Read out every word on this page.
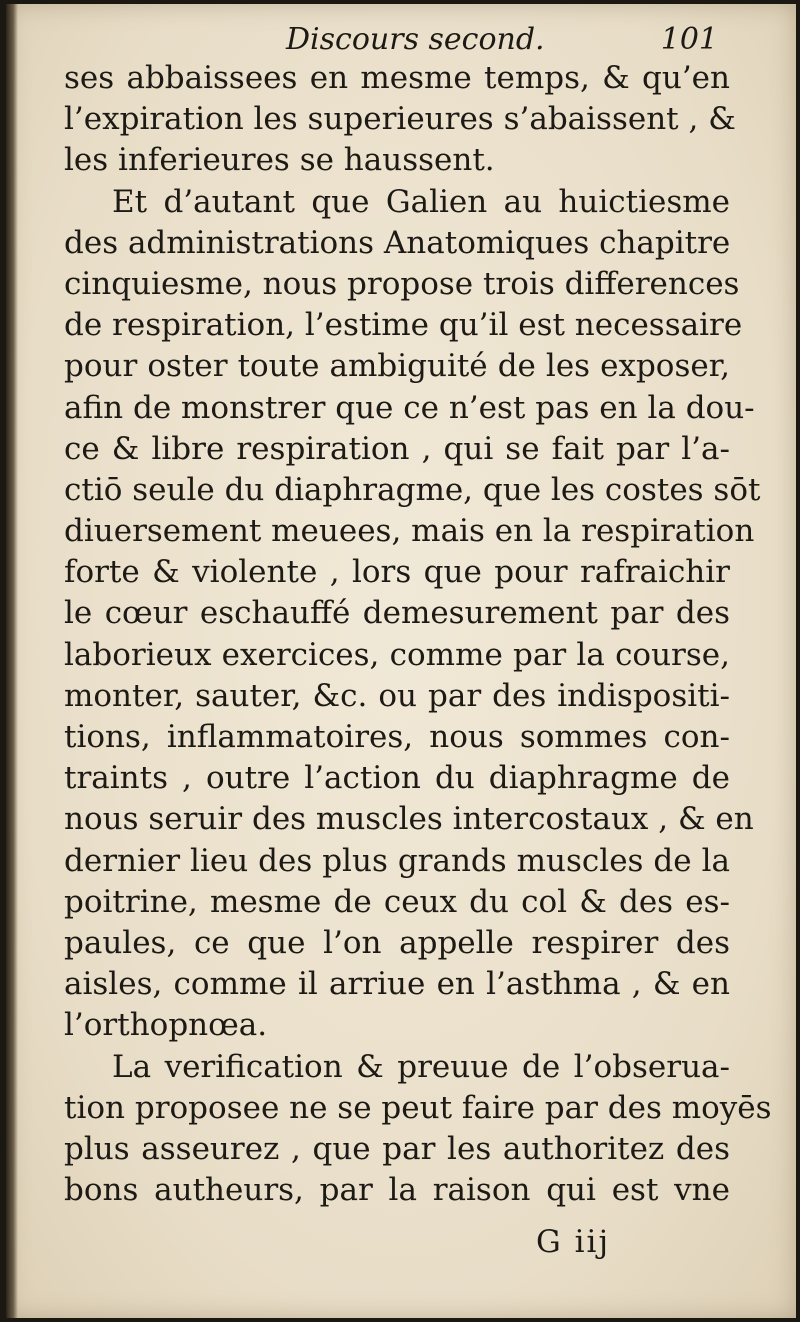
Discours second.	101
ses abbaissees en mesme temps, & qu’en
l’expiration les superieures s’abaissent , &
les inferieures se haussent.
Et d’autant que Galien au huictiesme
des administrations Anatomiques chapitre
cinquiesme, nous propose trois differences
de respiration, l’estime qu’il est necessaire
pour oster toute ambiguité de les exposer,
afin de monstrer que ce n’est pas en la dou-
ce & libre respiration , qui se fait par l’a-
ctiō seule du diaphragme, que les costes sōt
diuersement meuees, mais en la respiration
forte & violente , lors que pour rafraichir
le cœur eschauffé demesurement par des
laborieux exercices, comme par la course,
monter, sauter, &c. ou par des indispositi-
tions, inflammatoires, nous sommes con-
traints , outre l’action du diaphragme de
nous seruir des muscles intercostaux , & en
dernier lieu des plus grands muscles de la
poitrine, mesme de ceux du col & des es-
paules, ce que l’on appelle respirer des
aisles, comme il arriue en l’asthma , & en
l’orthopnœa.
La verification & preuue de l’obserua-
tion proposee ne se peut faire par des moyēs
plus asseurez , que par les authoritez des
bons autheurs, par la raison qui est vne
G iij
